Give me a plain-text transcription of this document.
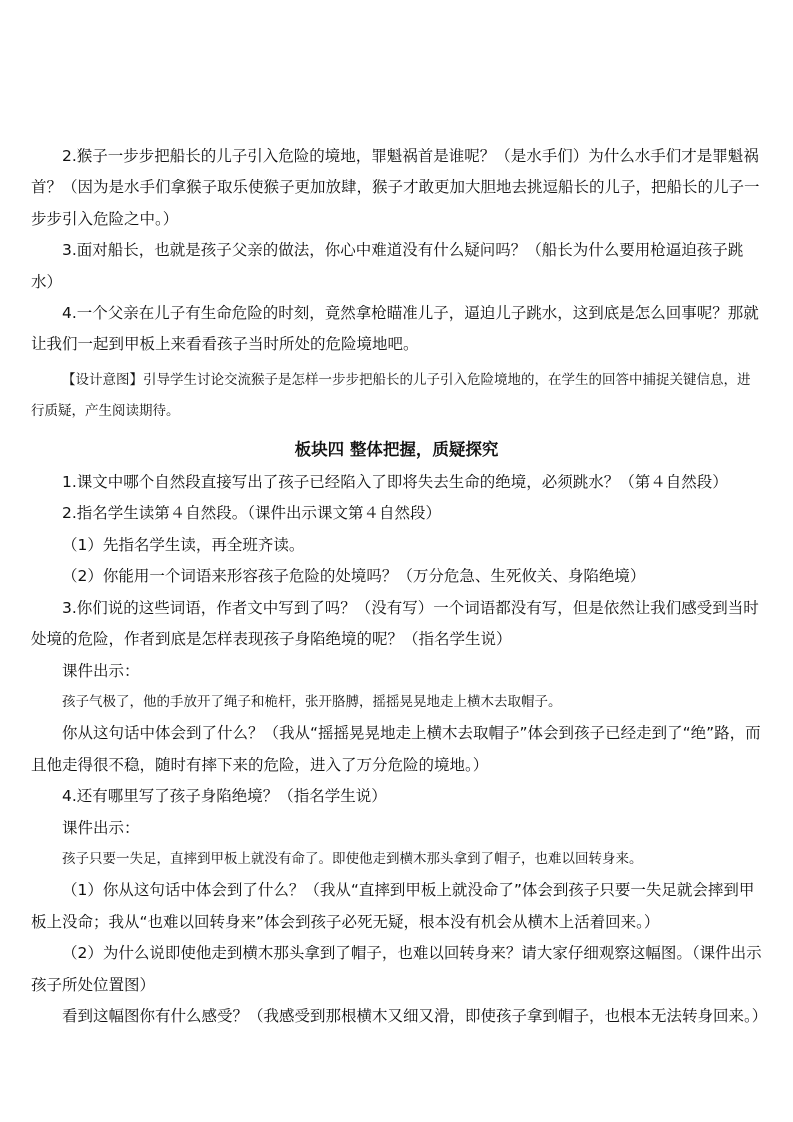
2.猴子一步步把船长的儿子引入危险的境地，罪魁祸首是谁呢？（是水手们）为什么水手们才是罪魁祸首？（因为是水手们拿猴子取乐使猴子更加放肆，猴子才敢更加大胆地去挑逗船长的儿子，把船长的儿子一步步引入危险之中。）

3.面对船长，也就是孩子父亲的做法，你心中难道没有什么疑问吗？（船长为什么要用枪逼迫孩子跳水）

4.一个父亲在儿子有生命危险的时刻，竟然拿枪瞄准儿子，逼迫儿子跳水，这到底是怎么回事呢？那就让我们一起到甲板上来看看孩子当时所处的危险境地吧。

【设计意图】引导学生讨论交流猴子是怎样一步步把船长的儿子引入危险境地的，在学生的回答中捕捉关键信息，进行质疑，产生阅读期待。

板块四 整体把握，质疑探究

1.课文中哪个自然段直接写出了孩子已经陷入了即将失去生命的绝境，必须跳水？（第４自然段）

2.指名学生读第４自然段。（课件出示课文第４自然段）

（1）先指名学生读，再全班齐读。

（2）你能用一个词语来形容孩子危险的处境吗？（万分危急、生死攸关、身陷绝境）

3.你们说的这些词语，作者文中写到了吗？（没有写）一个词语都没有写，但是依然让我们感受到当时处境的危险，作者到底是怎样表现孩子身陷绝境的呢？（指名学生说）

课件出示：

孩子气极了，他的手放开了绳子和桅杆，张开胳膊，摇摇晃晃地走上横木去取帽子。

你从这句话中体会到了什么？（我从“摇摇晃晃地走上横木去取帽子”体会到孩子已经走到了“绝”路，而且他走得很不稳，随时有摔下来的危险，进入了万分危险的境地。）

4.还有哪里写了孩子身陷绝境？（指名学生说）

课件出示：

孩子只要一失足，直摔到甲板上就没有命了。即使他走到横木那头拿到了帽子，也难以回转身来。

（1）你从这句话中体会到了什么？（我从“直摔到甲板上就没命了”体会到孩子只要一失足就会摔到甲板上没命；我从“也难以回转身来”体会到孩子必死无疑，根本没有机会从横木上活着回来。）

（2）为什么说即使他走到横木那头拿到了帽子，也难以回转身来？请大家仔细观察这幅图。（课件出示孩子所处位置图）

看到这幅图你有什么感受？（我感受到那根横木又细又滑，即使孩子拿到帽子，也根本无法转身回来。）
